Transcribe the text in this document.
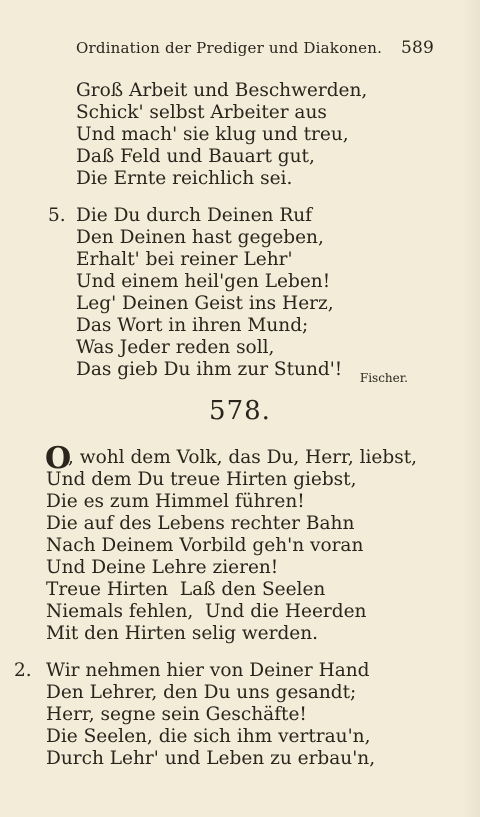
Ordination der Prediger und Diakonen. 589
Groß Arbeit und Beschwerden,
Schick' selbst Arbeiter aus
Und mach' sie klug und treu,
Daß Feld und Bauart gut,
Die Ernte reichlich sei.
5. Die Du durch Deinen Ruf
Den Deinen hast gegeben,
Erhalt' bei reiner Lehr'
Und einem heil'gen Leben!
Leg' Deinen Geist ins Herz,
Das Wort in ihren Mund;
Was Jeder reden soll,
Das gieb Du ihm zur Stund'! Fischer.
578.
O
, wohl dem Volk, das Du, Herr, liebst,
Und dem Du treue Hirten giebst,
Die es zum Himmel führen!
Die auf des Lebens rechter Bahn
Nach Deinem Vorbild geh'n voran
Und Deine Lehre zieren!
Treue Hirten  Laß den Seelen
Niemals fehlen,  Und die Heerden
Mit den Hirten selig werden.
2. Wir nehmen hier von Deiner Hand
Den Lehrer, den Du uns gesandt;
Herr, segne sein Geschäfte!
Die Seelen, die sich ihm vertrau'n,
Durch Lehr' und Leben zu erbau'n,
